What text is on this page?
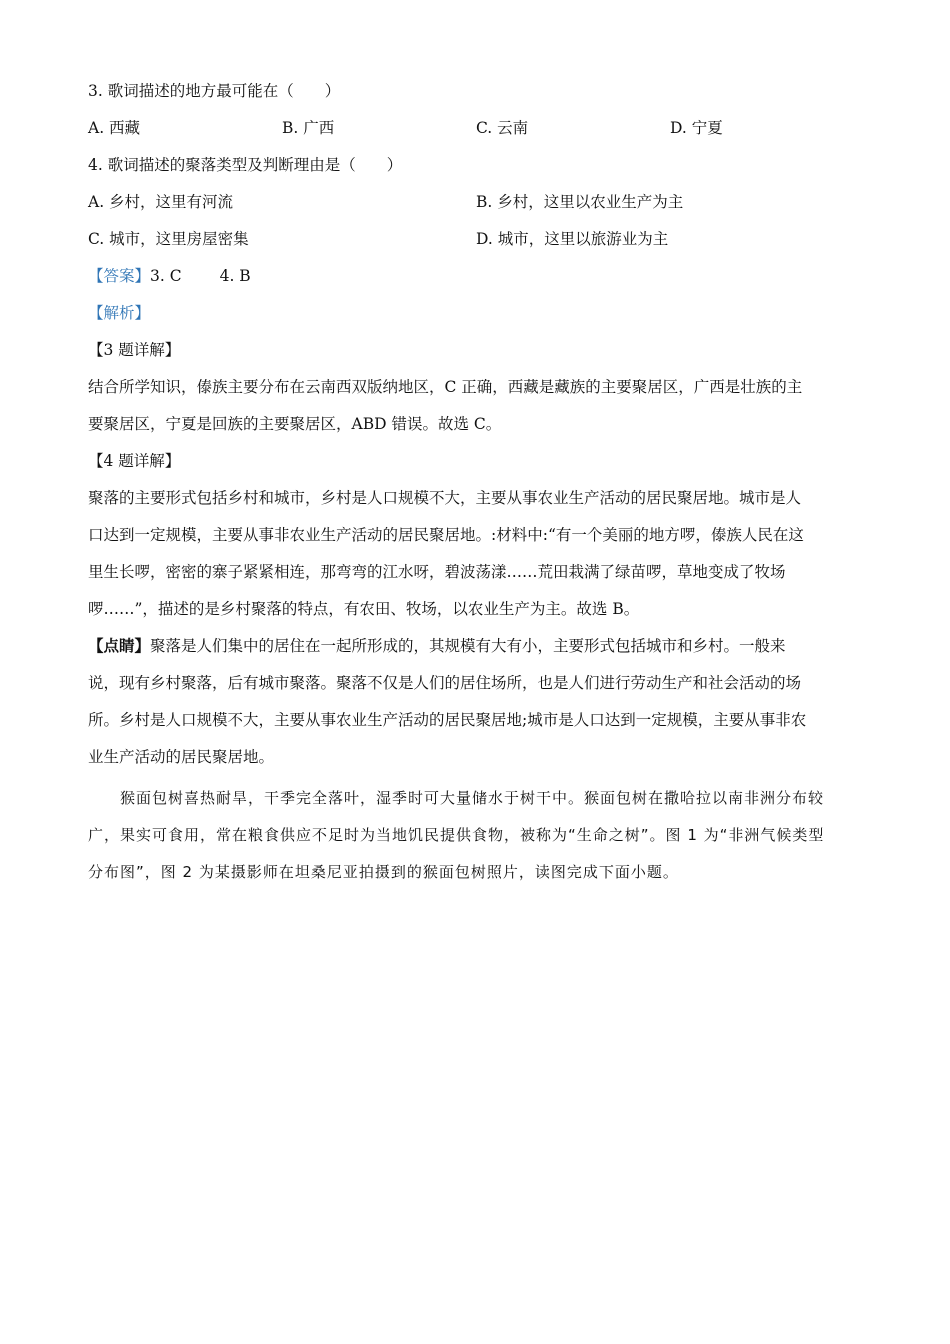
3. 歌词描述的地方最可能在（　　）
A. 西藏	B. 广西	C. 云南	D. 宁夏
4. 歌词描述的聚落类型及判断理由是（　　）
A. 乡村，这里有河流	B. 乡村，这里以农业生产为主
C. 城市，这里房屋密集	D. 城市，这里以旅游业为主
【答案】3. C 4. B
【解析】
【3 题详解】
结合所学知识，傣族主要分布在云南西双版纳地区，C 正确，西藏是藏族的主要聚居区，广西是壮族的主
要聚居区，宁夏是回族的主要聚居区，ABD 错误。故选 C。
【4 题详解】
聚落的主要形式包括乡村和城市，乡村是人口规模不大，主要从事农业生产活动的居民聚居地。城市是人
口达到一定规模，主要从事非农业生产活动的居民聚居地。:材料中:“有一个美丽的地方啰，傣族人民在这
里生长啰，密密的寨子紧紧相连，那弯弯的江水呀，碧波荡漾……荒田栽满了绿苗啰，草地变成了牧场
啰……”，描述的是乡村聚落的特点，有农田、牧场，以农业生产为主。故选 B。
【点睛】聚落是人们集中的居住在一起所形成的，其规模有大有小，主要形式包括城市和乡村。一般来
说，现有乡村聚落，后有城市聚落。聚落不仅是人们的居住场所，也是人们进行劳动生产和社会活动的场
所。乡村是人口规模不大，主要从事农业生产活动的居民聚居地;城市是人口达到一定规模，主要从事非农
业生产活动的居民聚居地。
猴面包树喜热耐旱，干季完全落叶，湿季时可大量储水于树干中。猴面包树在撒哈拉以南非洲分布较
广，果实可食用，常在粮食供应不足时为当地饥民提供食物，被称为“生命之树”。图 1 为“非洲气候类型
分布图”，图 2 为某摄影师在坦桑尼亚拍摄到的猴面包树照片，读图完成下面小题。
